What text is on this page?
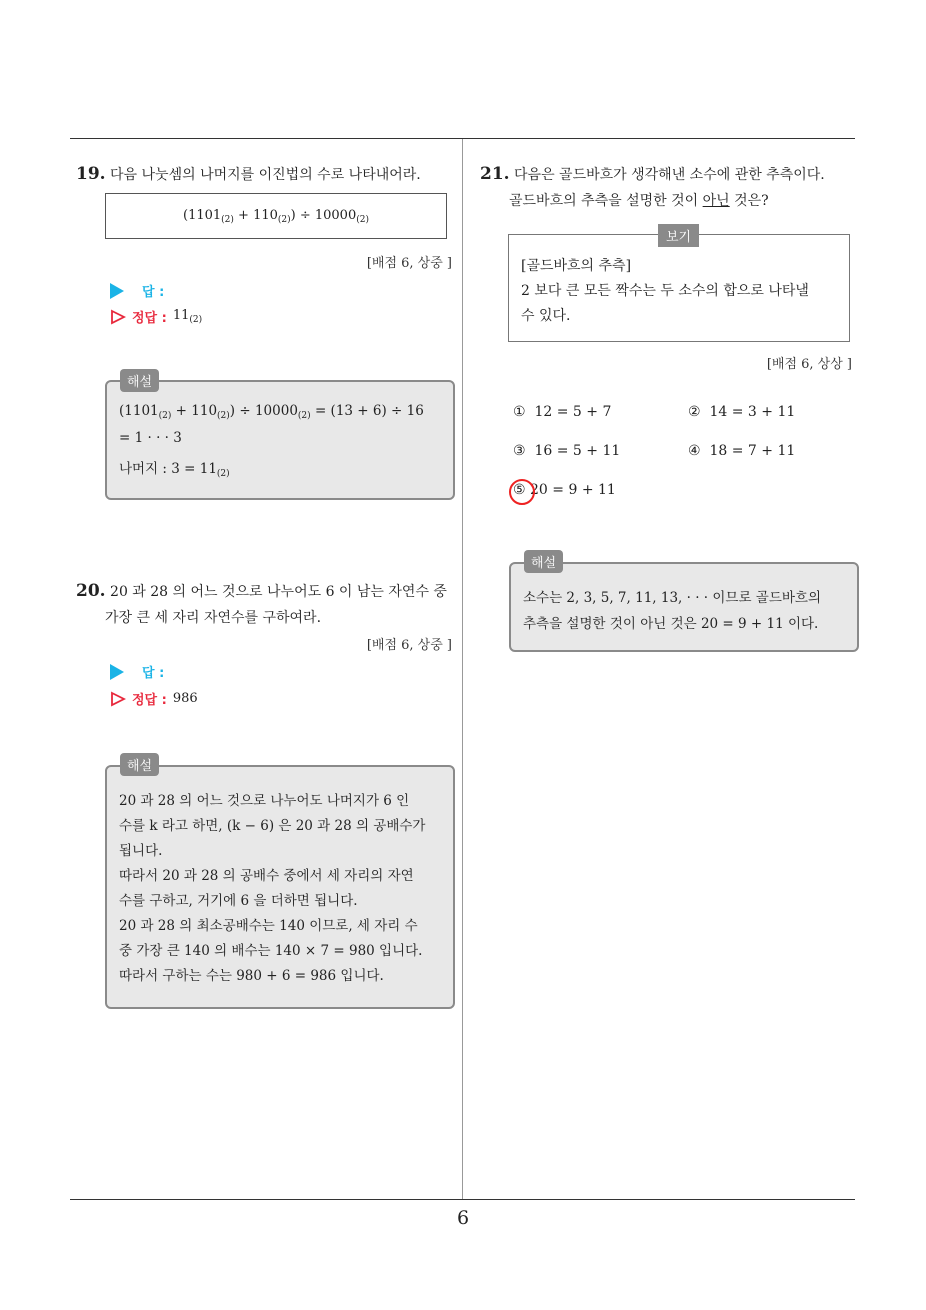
6
19. 다음 나눗셈의 나머지를 이진법의 수로 나타내어라.
$(1101_{(2)} + 110_{(2)}) \div 10000_{(2)}$
[배점 6, 상중 ]
답 :
정답 : $11_{(2)}$
$(1101_{(2)} + 110_{(2)}) \div 10000_{(2)} = (13 + 6) \div 16$
= 1 · · · 3
나머지 : $3 = 11_{(2)}$
해설
20. 20 과 28 의 어느 것으로 나누어도 6 이 남는 자연수 중
가장 큰 세 자리 자연수를 구하여라.
[배점 6, 상중 ]
답 :
정답 : 986
20 과 28 의 어느 것으로 나누어도 나머지가 6 인
수를 k 라고 하면, (k − 6) 은 20 과 28 의 공배수가
됩니다.
따라서 20 과 28 의 공배수 중에서 세 자리의 자연
수를 구하고, 거기에 6 을 더하면 됩니다.
20 과 28 의 최소공배수는 140 이므로, 세 자리 수
중 가장 큰 140 의 배수는 140 × 7 = 980 입니다.
따라서 구하는 수는 980 + 6 = 986 입니다.
해설
21. 다음은 골드바흐가 생각해낸 소수에 관한 추측이다.
골드바흐의 추측을 설명한 것이 아닌 것은?
[골드바흐의 추측]
2 보다 큰 모든 짝수는 두 소수의 합으로 나타낼
수 있다.
보기
[배점 6, 상상 ]
① 12 = 5 + 7	② 14 = 3 + 11
③ 16 = 5 + 11	④ 18 = 7 + 11
⑤ 20 = 9 + 11
소수는 2, 3, 5, 7, 11, 13, · · · 이므로 골드바흐의
추측을 설명한 것이 아닌 것은 20 = 9 + 11 이다.
해설
